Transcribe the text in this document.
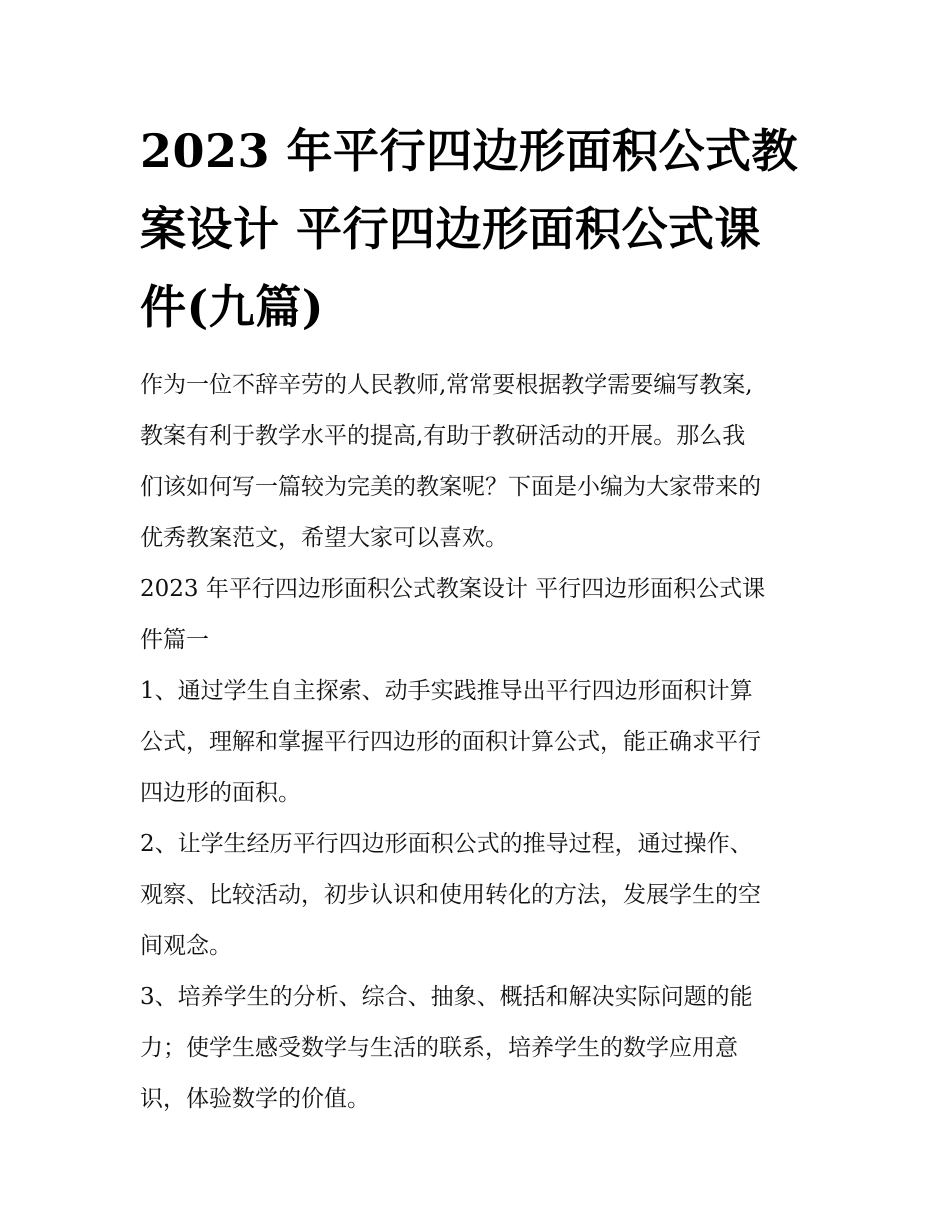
2023 年平行四边形面积公式教
案设计 平行四边形面积公式课
件(九篇)

作为一位不辞辛劳的人民教师,常常要根据教学需要编写教案,
教案有利于教学水平的提高,有助于教研活动的开展。那么我
们该如何写一篇较为完美的教案呢？下面是小编为大家带来的
优秀教案范文，希望大家可以喜欢。

2023 年平行四边形面积公式教案设计 平行四边形面积公式课
件篇一

1、通过学生自主探索、动手实践推导出平行四边形面积计算
公式，理解和掌握平行四边形的面积计算公式，能正确求平行
四边形的面积。

2、让学生经历平行四边形面积公式的推导过程，通过操作、
观察、比较活动，初步认识和使用转化的方法，发展学生的空
间观念。

3、培养学生的分析、综合、抽象、概括和解决实际问题的能
力；使学生感受数学与生活的联系，培养学生的数学应用意
识，体验数学的价值。
